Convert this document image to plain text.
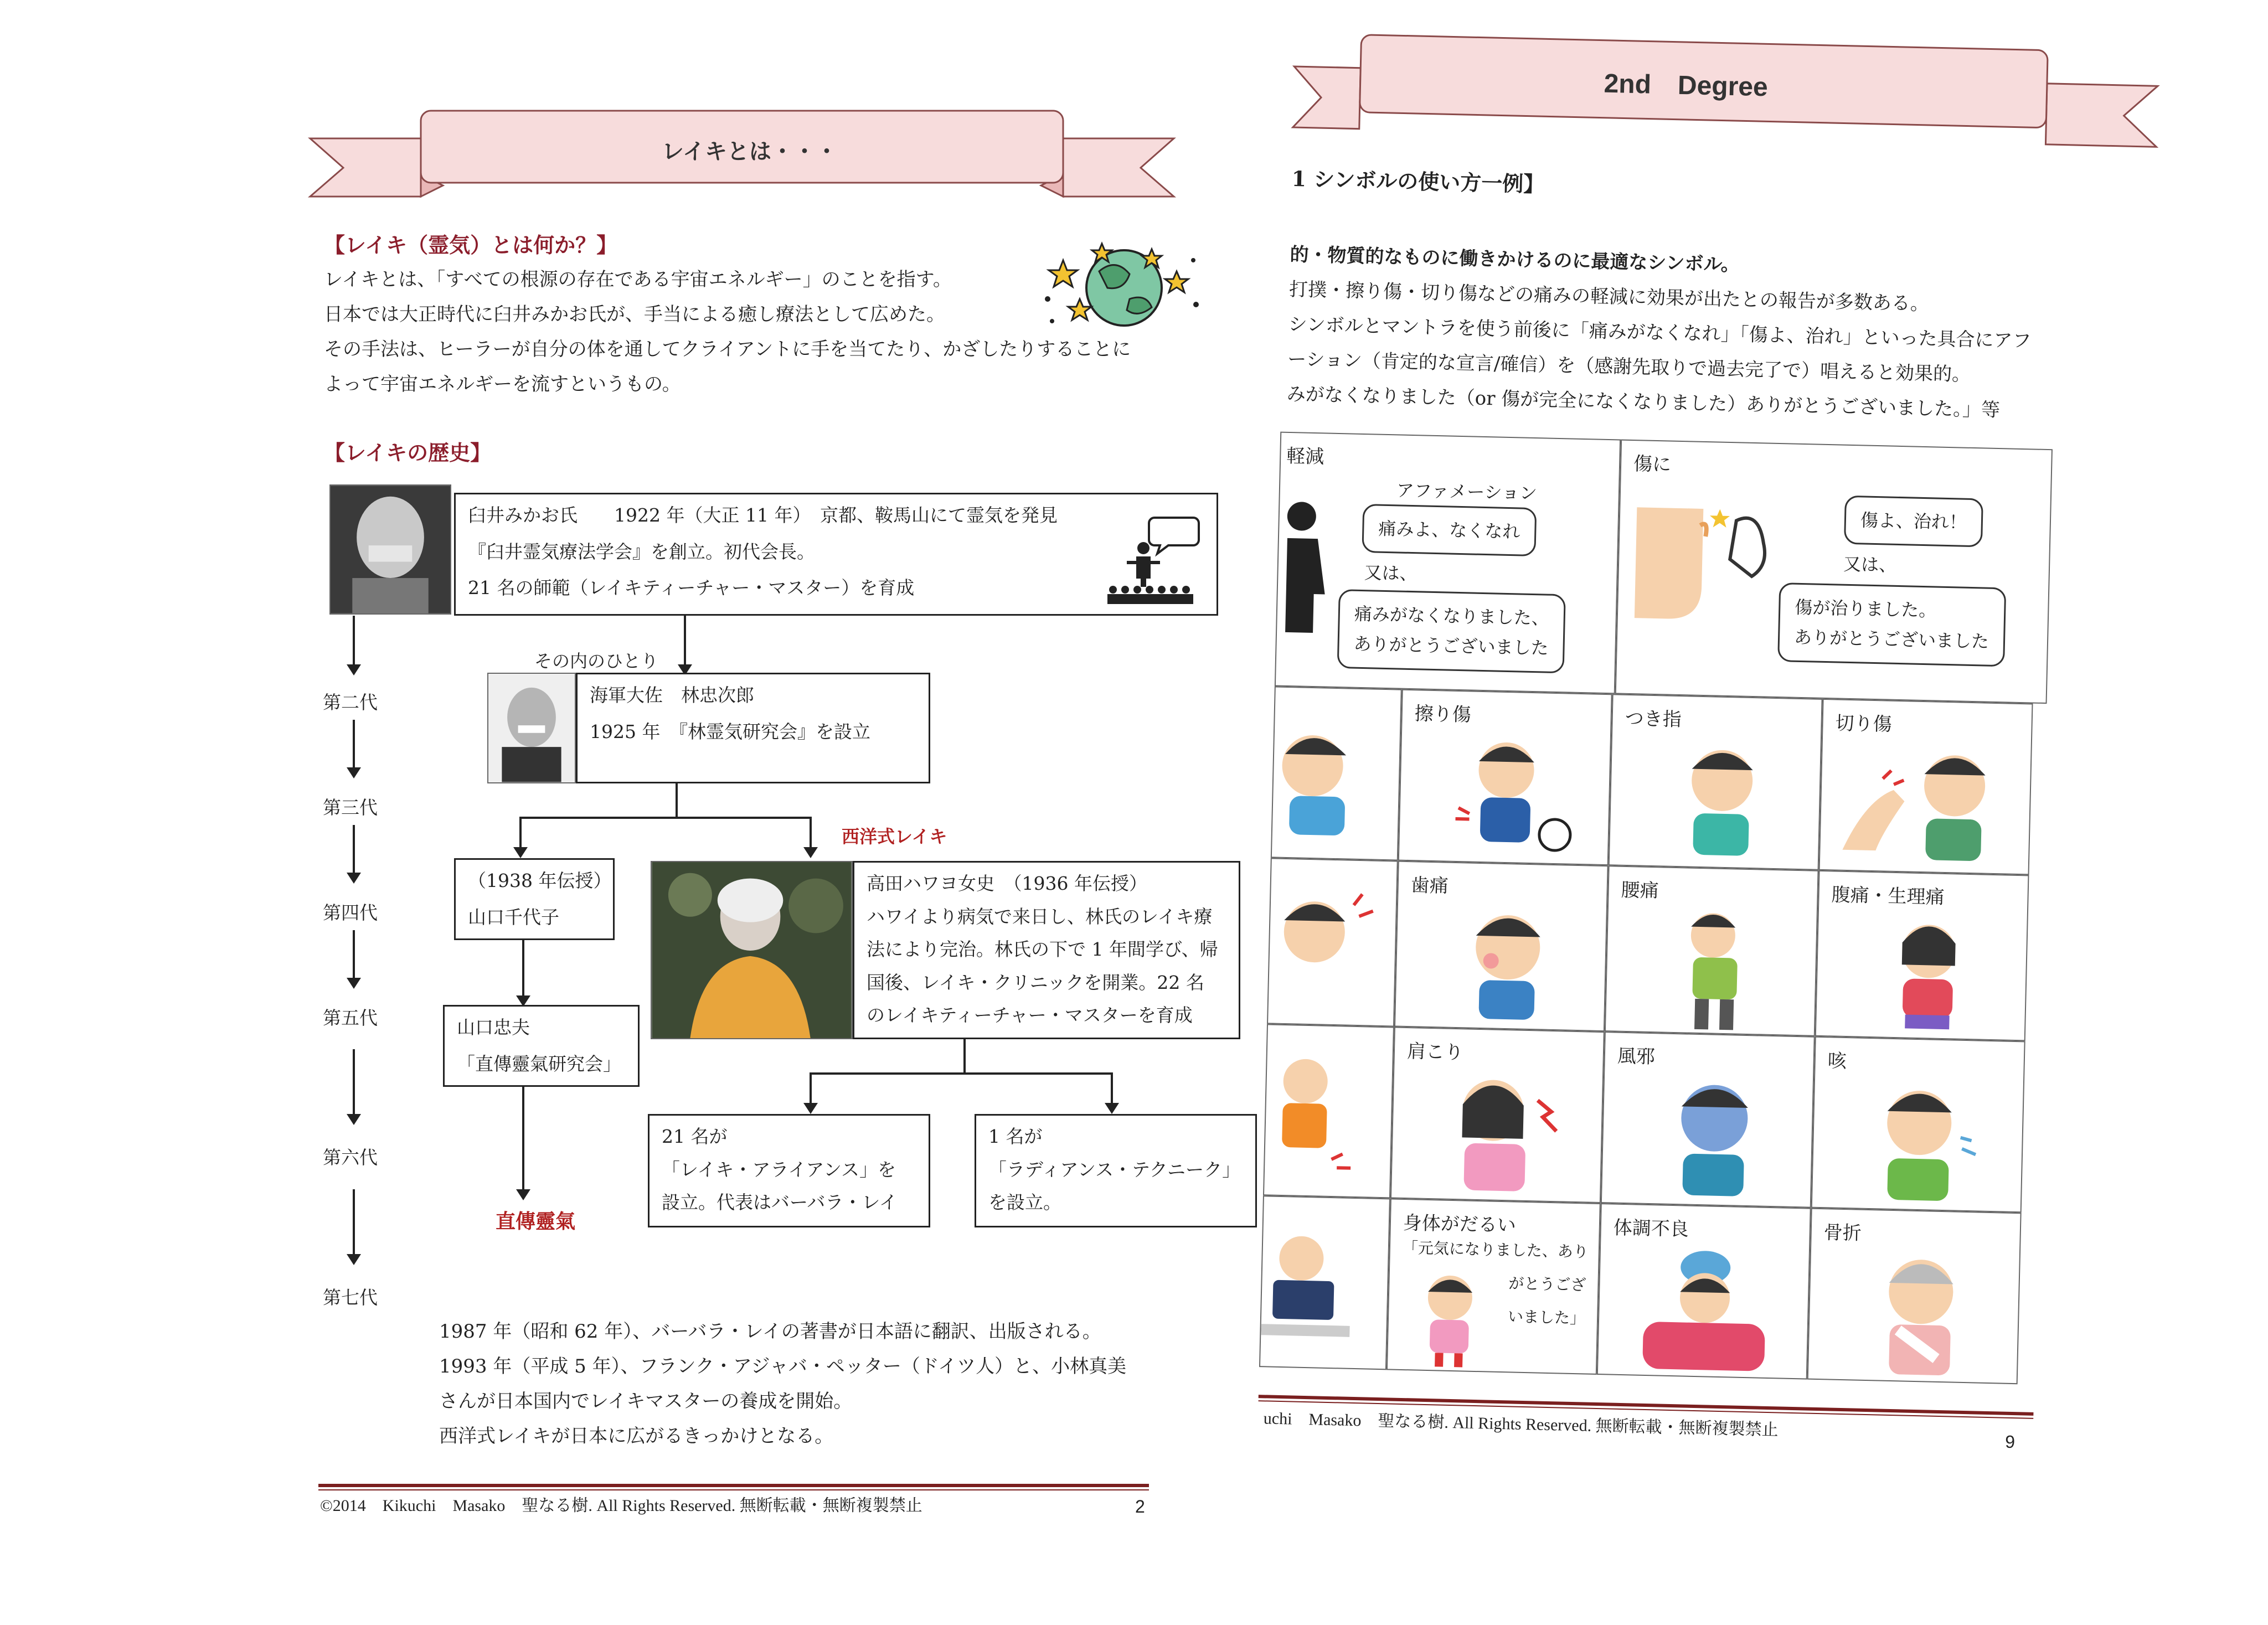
レイキとは・・・
【レイキ（霊気）とは何か？】
レイキとは、「すべての根源の存在である宇宙エネルギー」のことを指す。
日本では大正時代に臼井みかお氏が、手当による癒し療法として広めた。
その手法は、ヒーラーが自分の体を通してクライアントに手を当てたり、かざしたりすることに
よって宇宙エネルギーを流すというもの。
【レイキの歴史】
臼井みかお氏　　1922 年（大正 11 年）　京都、鞍馬山にて霊気を発見
『臼井霊気療法学会』を創立。初代会長。
21 名の師範（レイキティーチャー・マスター）を育成
その内のひとり
海軍大佐　林忠次郎
1925 年　『林霊気研究会』を設立
西洋式レイキ
（1938 年伝授）
山口千代子
高田ハワヨ女史　（1936 年伝授）
ハワイより病気で来日し、林氏のレイキ療
法により完治。林氏の下で 1 年間学び、帰
国後、レイキ・クリニックを開業。22 名
のレイキティーチャー・マスターを育成
山口忠夫
「直傳靈氣研究会」
直傳靈氣
21 名が
「レイキ・アライアンス」を
設立。代表はバーバラ・レイ
1 名が
「ラディアンス・テクニーク」
を設立。
第二代
第三代
第四代
第五代
第六代
第七代
1987 年（昭和 62 年）、バーバラ・レイの著書が日本語に翻訳、出版される。
1993 年（平成 5 年）、フランク・アジャバ・ペッター（ドイツ人）と、小林真美
さんが日本国内でレイキマスターの養成を開始。
西洋式レイキが日本に広がるきっかけとなる。
©2014　Kikuchi　Masako　聖なる樹. All Rights Reserved. 無断転載・無断複製禁止	2
2nd　Degree
1 シンボルの使い方一例】
的・物質的なものに働きかけるのに最適なシンボル。
打撲・擦り傷・切り傷などの痛みの軽減に効果が出たとの報告が多数ある。
シンボルとマントラを使う前後に「痛みがなくなれ」「傷よ、治れ」といった具合にアフ
ーション（肯定的な宣言/確信）を（感謝先取りで過去完了で）唱えると効果的。
みがなくなりました（or 傷が完全になくなりました）ありがとうございました。」等
軽減
アファメーション
痛みよ、なくなれ
又は、
痛みがなくなりました、
ありがとうございました
傷に
傷よ、治れ！
又は、
傷が治りました。
ありがとうございました
擦り傷	つき指	切り傷
歯痛	腰痛	腹痛・生理痛
肩こり	風邪	咳
身体がだるい
「元気になりました、あり
がとうござ
いました」
体調不良	骨折
uchi　Masako　聖なる樹. All Rights Reserved. 無断転載・無断複製禁止
9
